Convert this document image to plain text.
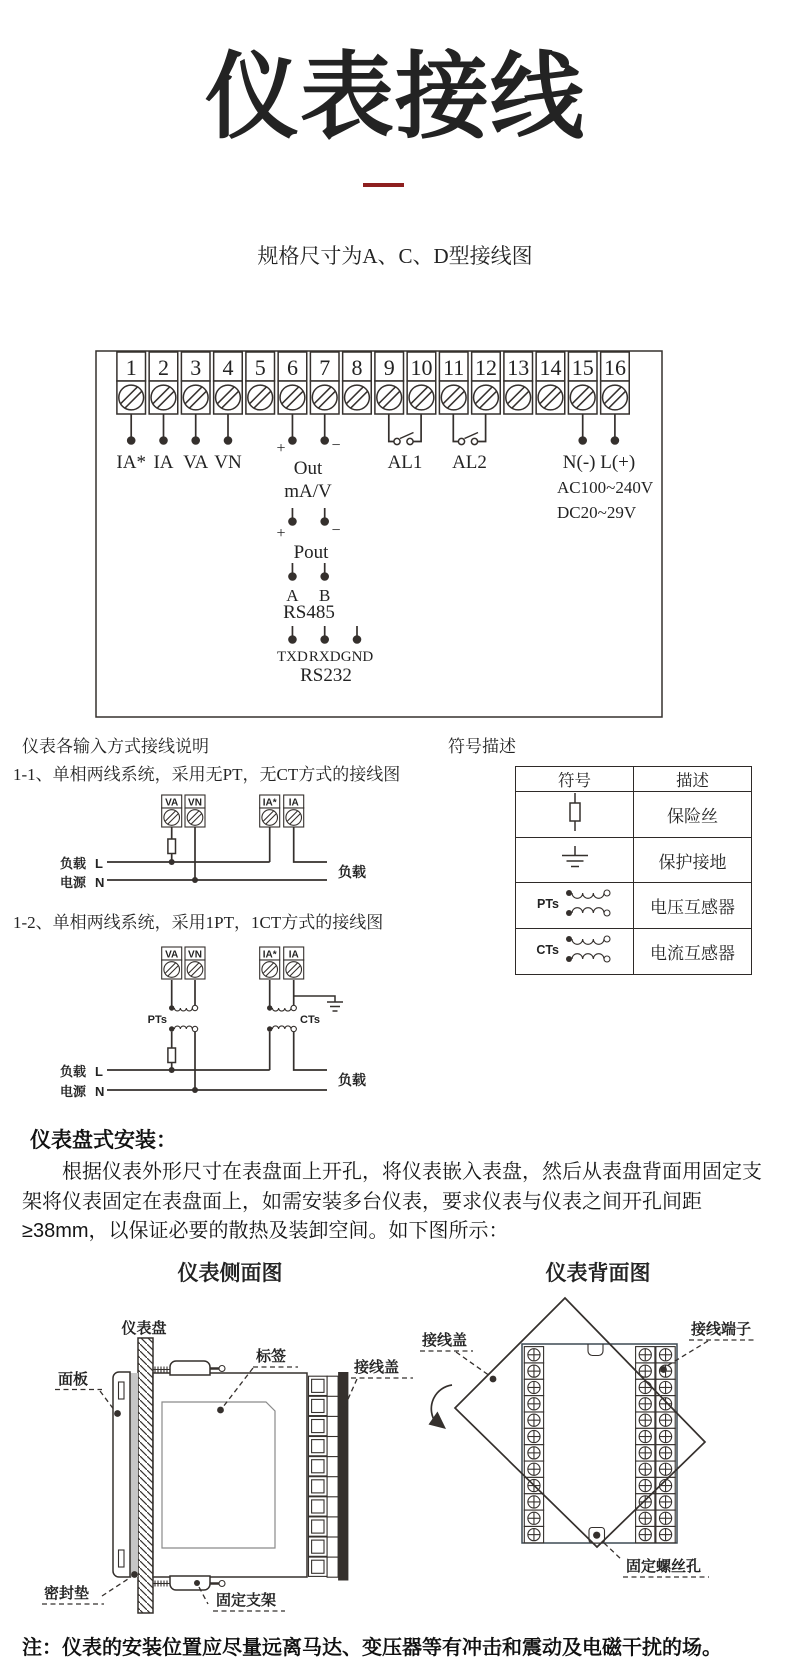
1 2 3 4 5 6 7 8 9 10 11 12 13 14 15 16
IA* IA VA VN
+	−
Out
mA/V
+	−
Pout
A B
RS485
TXD RXD GND
RS232
AL1 AL2	N(-) L(+)
AC100~240V
DC20~29V
VA VN	IA* IA
负载 L
电源 N
负载
VA VN	IA* IA
PTs	CTs
负载 L
电源 N
负载
仪表盘
面板
标签
接线盖
密封垫	固定支架
接线盖
接线端子
固定螺丝孔
仪表接线
规格尺寸为A、C、D型接线图
仪表各输入方式接线说明	符号描述
1-1、单相两线系统，采用无PT，无CT方式的接线图
1-2、单相两线系统，采用1PT，1CT方式的接线图
符号	描述
	保险丝
	保护接地

PTs	电压互感器

CTs	电流互感器
仪表盘式安装：
根据仪表外形尺寸在表盘面上开孔，将仪表嵌入表盘，然后从表盘背面用固定支架将仪表固定在表盘面上，如需安装多台仪表，要求仪表与仪表之间开孔间距≥38mm，以保证必要的散热及装卸空间。如下图所示：
仪表侧面图	仪表背面图
注：仪表的安装位置应尽量远离马达、变压器等有冲击和震动及电磁干扰的场。
